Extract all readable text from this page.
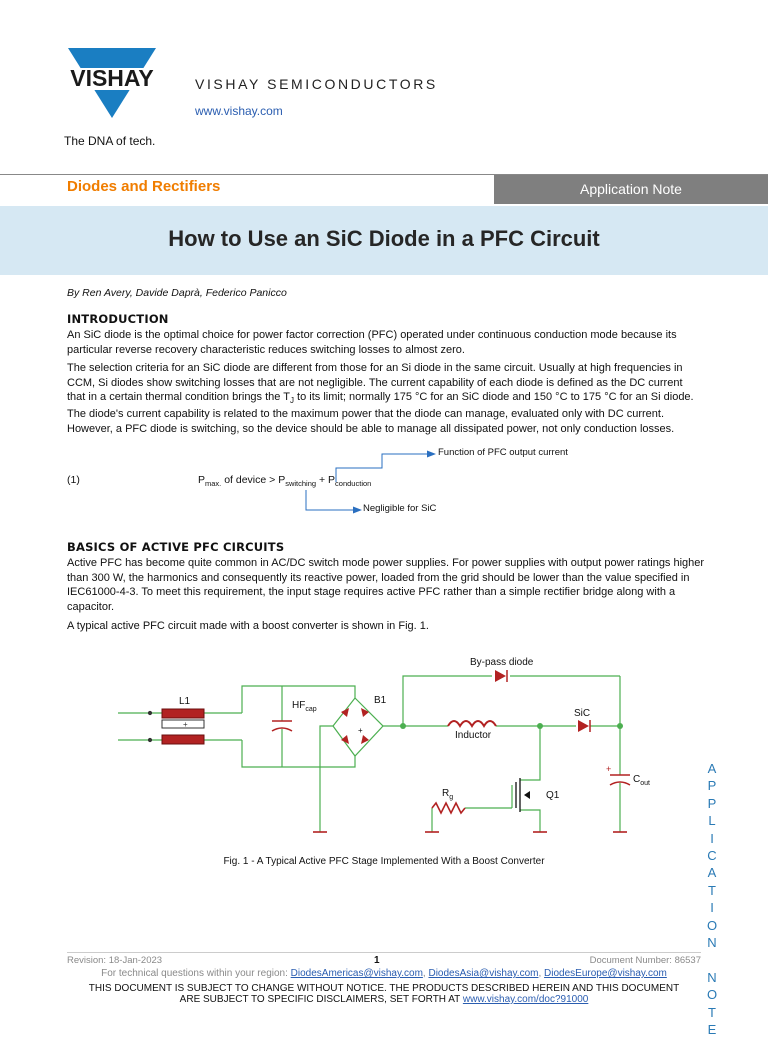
VISHAY
The DNA of tech.
VISHAY SEMICONDUCTORS
www.vishay.com
Diodes and Rectifiers	Application Note
How to Use an SiC Diode in a PFC Circuit
By Ren Avery, Davide Daprà, Federico Panicco
INTRODUCTION
An SiC diode is the optimal choice for power factor correction (PFC) operated under continuous conduction mode because its particular reverse recovery characteristic reduces switching losses to almost zero.
The selection criteria for an SiC diode are different from those for an Si diode in the same circuit. Usually at high frequencies in CCM, Si diodes show switching losses that are not negligible. The current capability of each diode is defined as the DC current that in a certain thermal condition brings the $T_J$ to its limit; normally 175 °C for an SiC diode and 150 °C to 175 °C for an Si diode.
The diode's current capability is related to the maximum power that the diode can manage, evaluated only with DC current. However, a PFC diode is switching, so the device should be able to manage all dissipated power, not only conduction losses.
(1)	$P_{max.}$ of device > $P_{switching} + P_{conduction}$
Function of PFC output current
Negligible for SiC
BASICS OF ACTIVE PFC CIRCUITS
Active PFC has become quite common in AC/DC switch mode power supplies. For power supplies with output power ratings higher than 300 W, the harmonics and consequently its reactive power, loaded from the grid should be lower than the value specified in IEC61000-4-3. To meet this requirement, the input stage requires active PFC rather than a simple rectifier bridge along with a capacitor.
A typical active PFC circuit made with a boost converter is shown in Fig. 1.
L1
+
$HF_{cap}$
+
B1
By-pass diode
Inductor
SiC
$R_g$	Q1
+
$C_{out}$
Fig. 1 - A Typical Active PFC Stage Implemented With a Boost Converter
A
P
P
L
I
C
A
T
I
O
N

N
O
T
E
Revision: 18-Jan-2023	1	Document Number: 86537
For technical questions within your region: DiodesAmericas@vishay.com, DiodesAsia@vishay.com, DiodesEurope@vishay.com
THIS DOCUMENT IS SUBJECT TO CHANGE WITHOUT NOTICE. THE PRODUCTS DESCRIBED HEREIN AND THIS DOCUMENT
ARE SUBJECT TO SPECIFIC DISCLAIMERS, SET FORTH AT www.vishay.com/doc?91000
